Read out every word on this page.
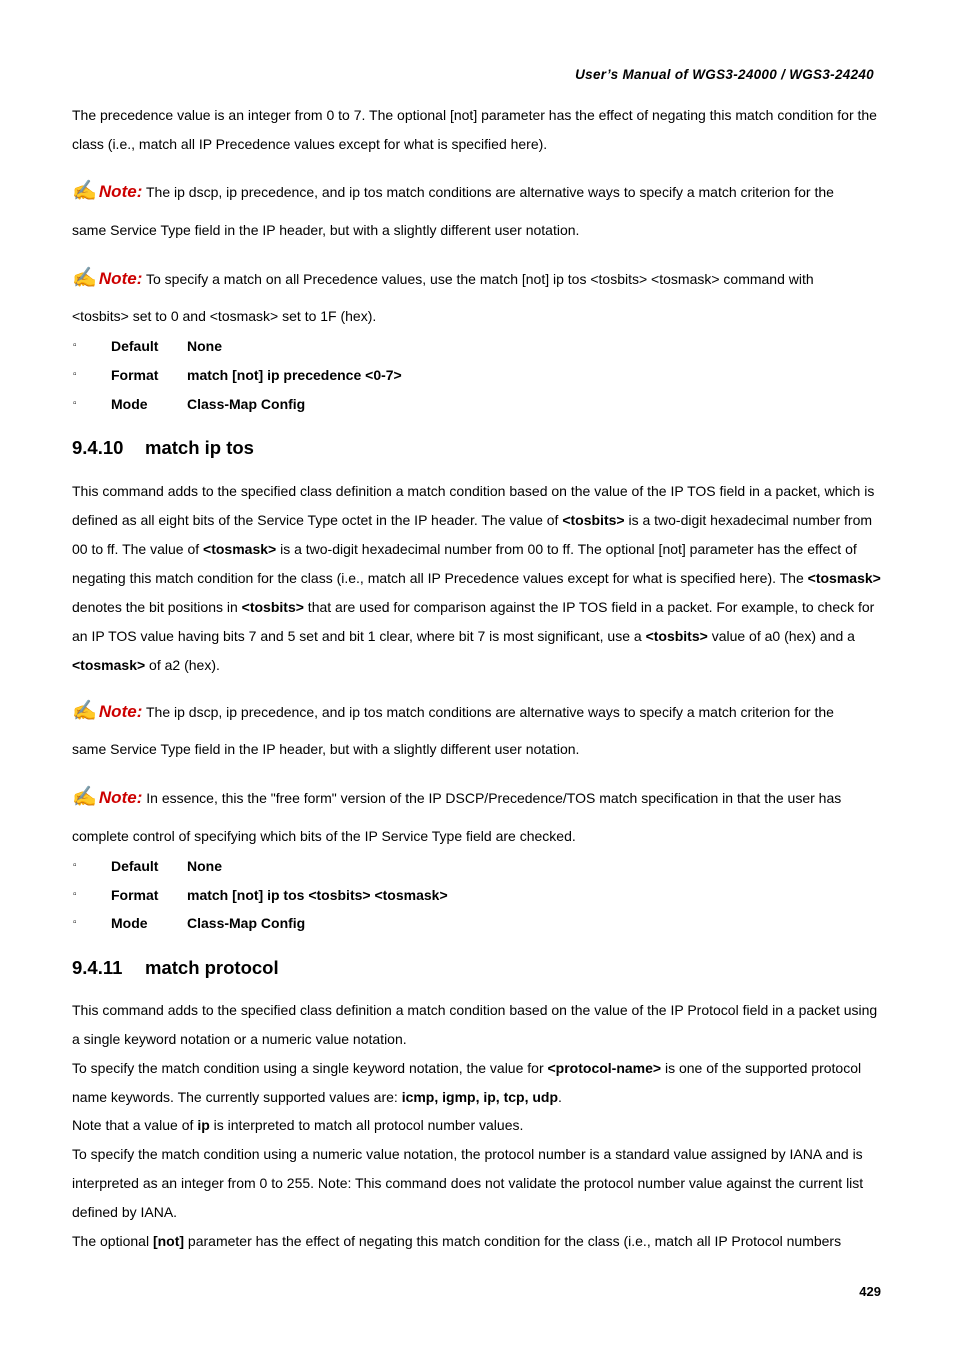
User’s Manual of WGS3-24000 / WGS3-24240

The precedence value is an integer from 0 to 7. The optional [not] parameter has the effect of negating this match condition for the class (i.e., match all IP Precedence values except for what is specified here).

✍ Note: The ip dscp, ip precedence, and ip tos match conditions are alternative ways to specify a match criterion for the

same Service Type field in the IP header, but with a slightly different user notation.

✍ Note: To specify a match on all Precedence values, use the match [not] ip tos <tosbits> <tosmask> command with

<tosbits> set to 0 and <tosmask> set to 1F (hex).

▫ Default None
▫ Format match [not] ip precedence <0-7>
▫ Mode	Class-Map Config
9.4.10 match ip tos

This command adds to the specified class definition a match condition based on the value of the IP TOS field in a packet, which is defined as all eight bits of the Service Type octet in the IP header. The value of <tosbits> is a two-digit hexadecimal number from 00 to ff. The value of <tosmask> is a two-digit hexadecimal number from 00 to ff. The optional [not] parameter has the effect of negating this match condition for the class (i.e., match all IP Precedence values except for what is specified here). The <tosmask> denotes the bit positions in <tosbits> that are used for comparison against the IP TOS field in a packet. For example, to check for an IP TOS value having bits 7 and 5 set and bit 1 clear, where bit 7 is most significant, use a <tosbits> value of a0 (hex) and a <tosmask> of a2 (hex).

✍ Note: The ip dscp, ip precedence, and ip tos match conditions are alternative ways to specify a match criterion for the

same Service Type field in the IP header, but with a slightly different user notation.

✍ Note: In essence, this the "free form" version of the IP DSCP/Precedence/TOS match specification in that the user has

complete control of specifying which bits of the IP Service Type field are checked.

▫ Default None
▫ Format match [not] ip tos <tosbits> <tosmask>
▫ Mode	Class-Map Config
9.4.11 match protocol

This command adds to the specified class definition a match condition based on the value of the IP Protocol field in a packet using a single keyword notation or a numeric value notation.

To specify the match condition using a single keyword notation, the value for <protocol-name> is one of the supported protocol name keywords. The currently supported values are: icmp, igmp, ip, tcp, udp.

Note that a value of ip is interpreted to match all protocol number values.

To specify the match condition using a numeric value notation, the protocol number is a standard value assigned by IANA and is interpreted as an integer from 0 to 255. Note: This command does not validate the protocol number value against the current list defined by IANA.

The optional [not] parameter has the effect of negating this match condition for the class (i.e., match all IP Protocol numbers

429
